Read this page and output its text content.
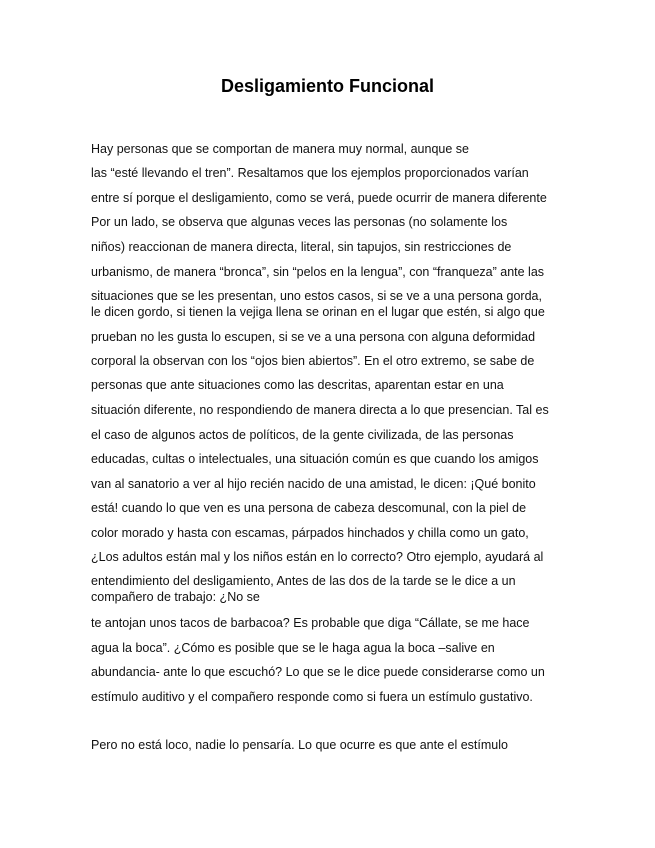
Desligamiento Funcional
Hay personas que se comportan de manera muy normal, aunque se
las “esté llevando el tren”. Resaltamos que los ejemplos proporcionados varían
entre sí porque el desligamiento, como se verá, puede ocurrir de manera diferente
Por un lado, se observa que algunas veces las personas (no solamente los
niños) reaccionan de manera directa, literal, sin tapujos, sin restricciones de
urbanismo, de manera “bronca”, sin “pelos en la lengua”, con “franqueza” ante las
situaciones que se les presentan, uno estos casos, si se ve a una persona gorda,
le dicen gordo, si tienen la vejiga llena se orinan en el lugar que estén, si algo que
prueban no les gusta lo escupen, si se ve a una persona con alguna deformidad
corporal la observan con los “ojos bien abiertos”. En el otro extremo, se sabe de
personas que ante situaciones como las descritas, aparentan estar en una
situación diferente, no respondiendo de manera directa a lo que presencian. Tal es
el caso de algunos actos de políticos, de la gente civilizada, de las personas
educadas, cultas o intelectuales, una situación común es que cuando los amigos
van al sanatorio a ver al hijo recién nacido de una amistad, le dicen: ¡Qué bonito
está! cuando lo que ven es una persona de cabeza descomunal, con la piel de
color morado y hasta con escamas, párpados hinchados y chilla como un gato,
¿Los adultos están mal y los niños están en lo correcto? Otro ejemplo, ayudará al
entendimiento del desligamiento, Antes de las dos de la tarde se le dice a un
compañero de trabajo: ¿No se
te antojan unos tacos de barbacoa? Es probable que diga “Cállate, se me hace
agua la boca”. ¿Cómo es posible que se le haga agua la boca –salive en
abundancia- ante lo que escuchó? Lo que se le dice puede considerarse como un
estímulo auditivo y el compañero responde como si fuera un estímulo gustativo.
Pero no está loco, nadie lo pensaría. Lo que ocurre es que ante el estímulo
